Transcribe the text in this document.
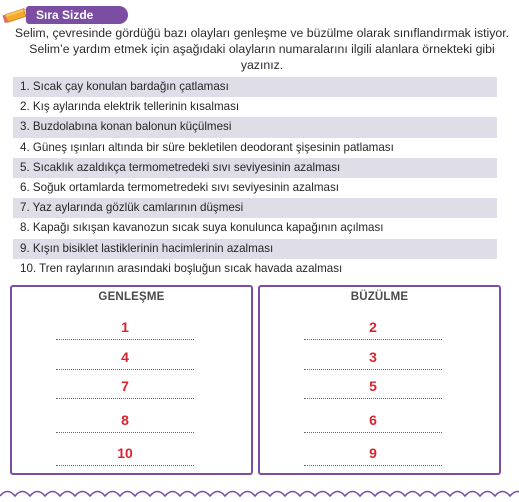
Sıra Sizde
Selim, çevresinde gördüğü bazı olayları genleşme ve büzülme olarak sınıflandırmak istiyor.
Selim’e yardım etmek için aşağıdaki olayların numaralarını ilgili alanlara örnekteki gibi yazınız.
1. Sıcak çay konulan bardağın çatlaması
2. Kış aylarında elektrik tellerinin kısalması
3. Buzdolabına konan balonun küçülmesi
4. Güneş ışınları altında bir süre bekletilen deodorant şişesinin patlaması
5. Sıcaklık azaldıkça termometredeki sıvı seviyesinin azalması
6. Soğuk ortamlarda termometredeki sıvı seviyesinin azalması
7. Yaz aylarında gözlük camlarının düşmesi
8. Kapağı sıkışan kavanozun sıcak suya konulunca kapağının açılması
9. Kışın bisiklet lastiklerinin hacimlerinin azalması
10. Tren raylarının arasındaki boşluğun sıcak havada azalması
GENLEŞME
1
4
7
8
10
BÜZÜLME
2
3
5
6
9
